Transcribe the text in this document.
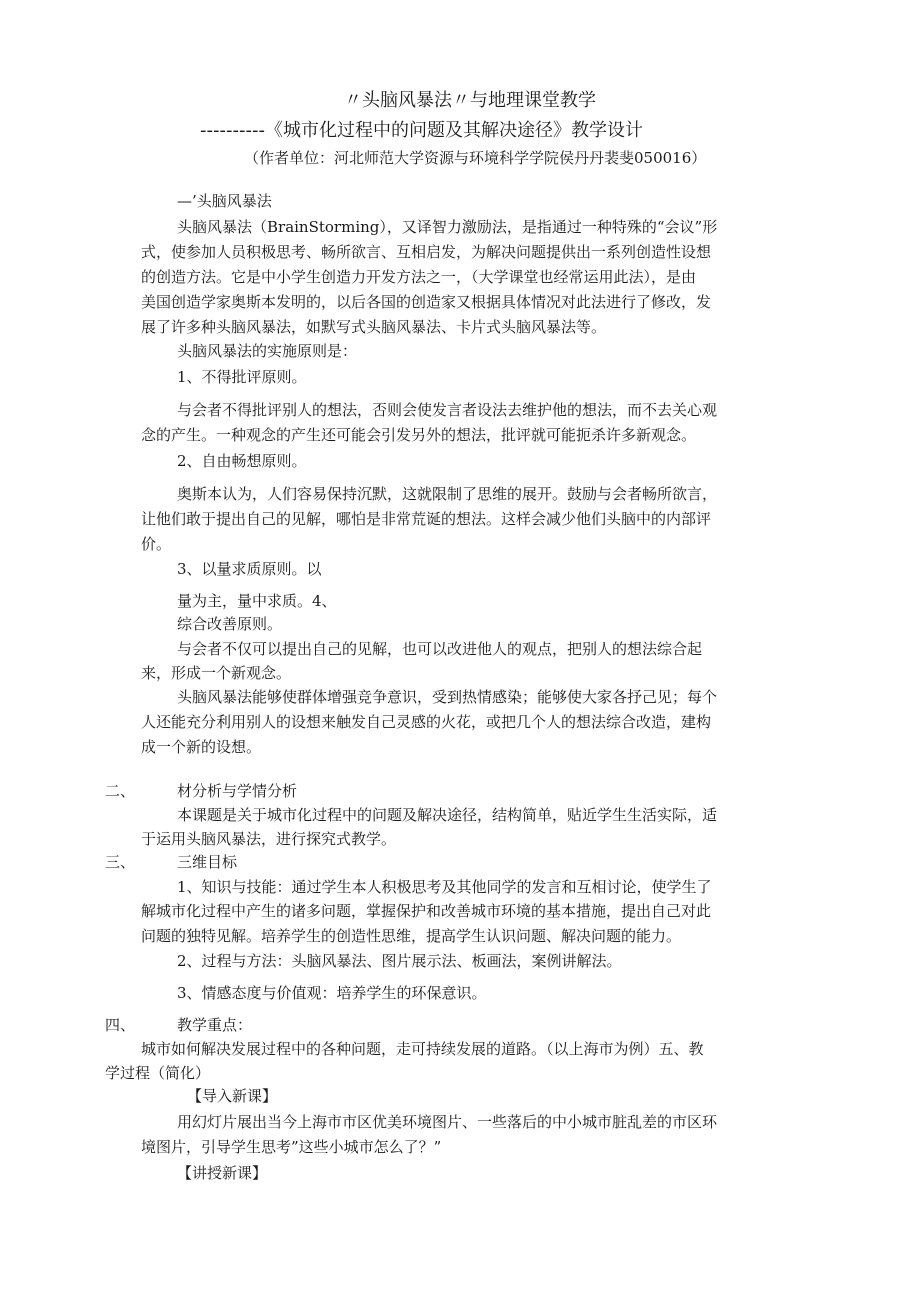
〃头脑风暴法〃与地理课堂教学
----------《城市化过程中的问题及其解决途径》教学设计
（作者单位：河北师范大学资源与环境科学学院侯丹丹裴斐050016）
—’头脑风暴法
头脑风暴法（BrainStorming），又译智力激励法，是指通过一种特殊的“会议”形
式，使参加人员积极思考、畅所欲言、互相启发，为解决问题提供出一系列创造性设想
的创造方法。它是中小学生创造力开发方法之一，（大学课堂也经常运用此法），是由
美国创造学家奥斯本发明的，以后各国的创造家又根据具体情况对此法进行了修改，发
展了许多种头脑风暴法，如默写式头脑风暴法、卡片式头脑风暴法等。
头脑风暴法的实施原则是：
1、不得批评原则。
与会者不得批评别人的想法，否则会使发言者设法去维护他的想法，而不去关心观
念的产生。一种观念的产生还可能会引发另外的想法，批评就可能扼杀许多新观念。
2、自由畅想原则。
奥斯本认为，人们容易保持沉默，这就限制了思维的展开。鼓励与会者畅所欲言，
让他们敢于提出自己的见解，哪怕是非常荒诞的想法。这样会减少他们头脑中的内部评
价。
3、以量求质原则。以
量为主，量中求质。4、
综合改善原则。
与会者不仅可以提出自己的见解，也可以改进他人的观点，把别人的想法综合起
来，形成一个新观念。
头脑风暴法能够使群体增强竞争意识，受到热情感染；能够使大家各抒己见；每个
人还能充分利用别人的设想来触发自己灵感的火花，或把几个人的想法综合改造，建构
成一个新的设想。
二、	材分析与学情分析
本课题是关于城市化过程中的问题及解决途径，结构简单，贴近学生生活实际，适
于运用头脑风暴法，进行探究式教学。
三、	三维目标
1、知识与技能：通过学生本人积极思考及其他同学的发言和互相讨论，使学生了
解城市化过程中产生的诸多问题，掌握保护和改善城市环境的基本措施，提出自己对此
问题的独特见解。培养学生的创造性思维，提高学生认识问题、解决问题的能力。
2、过程与方法：头脑风暴法、图片展示法、板画法，案例讲解法。
3、情感态度与价值观：培养学生的环保意识。
四、	教学重点：
城市如何解决发展过程中的各种问题，走可持续发展的道路。（以上海市为例）五、教
学过程（简化）
【导入新课】
用幻灯片展出当今上海市市区优美环境图片、一些落后的中小城市脏乱差的市区环
境图片，引导学生思考”这些小城市怎么了？”
【讲授新课】
